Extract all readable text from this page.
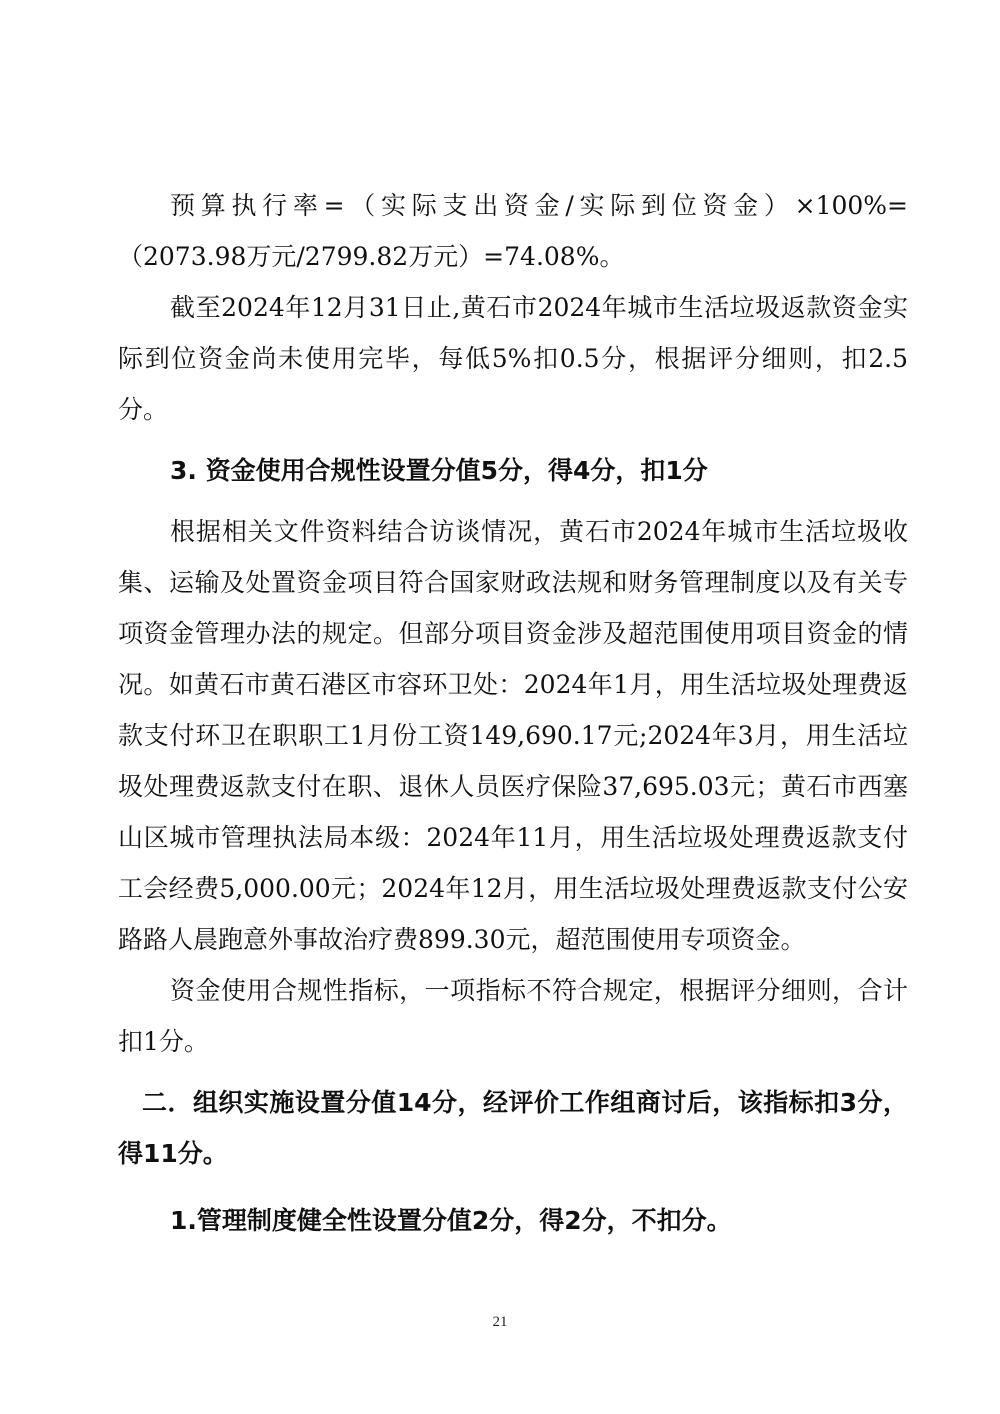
预算执行率=（实际支出资金/实际到位资金）×100%=（2073.98万元/2799.82万元）=74.08%。

截至2024年12月31日止,黄石市2024年城市生活垃圾返款资金实际到位资金尚未使用完毕，每低5%扣0.5分，根据评分细则，扣2.5分。

3. 资金使用合规性设置分值5分，得4分，扣1分

根据相关文件资料结合访谈情况，黄石市2024年城市生活垃圾收集、运输及处置资金项目符合国家财政法规和财务管理制度以及有关专项资金管理办法的规定。但部分项目资金涉及超范围使用项目资金的情况。如黄石市黄石港区市容环卫处：2024年1月，用生活垃圾处理费返款支付环卫在职职工1月份工资149,690.17元;2024年3月，用生活垃圾处理费返款支付在职、退休人员医疗保险37,695.03元；黄石市西塞山区城市管理执法局本级：2024年11月，用生活垃圾处理费返款支付工会经费5,000.00元；2024年12月，用生活垃圾处理费返款支付公安路路人晨跑意外事故治疗费899.30元，超范围使用专项资金。

资金使用合规性指标，一项指标不符合规定，根据评分细则，合计扣1分。

二．组织实施设置分值14分，经评价工作组商讨后，该指标扣3分，得11分。

1.管理制度健全性设置分值2分，得2分，不扣分。

21
